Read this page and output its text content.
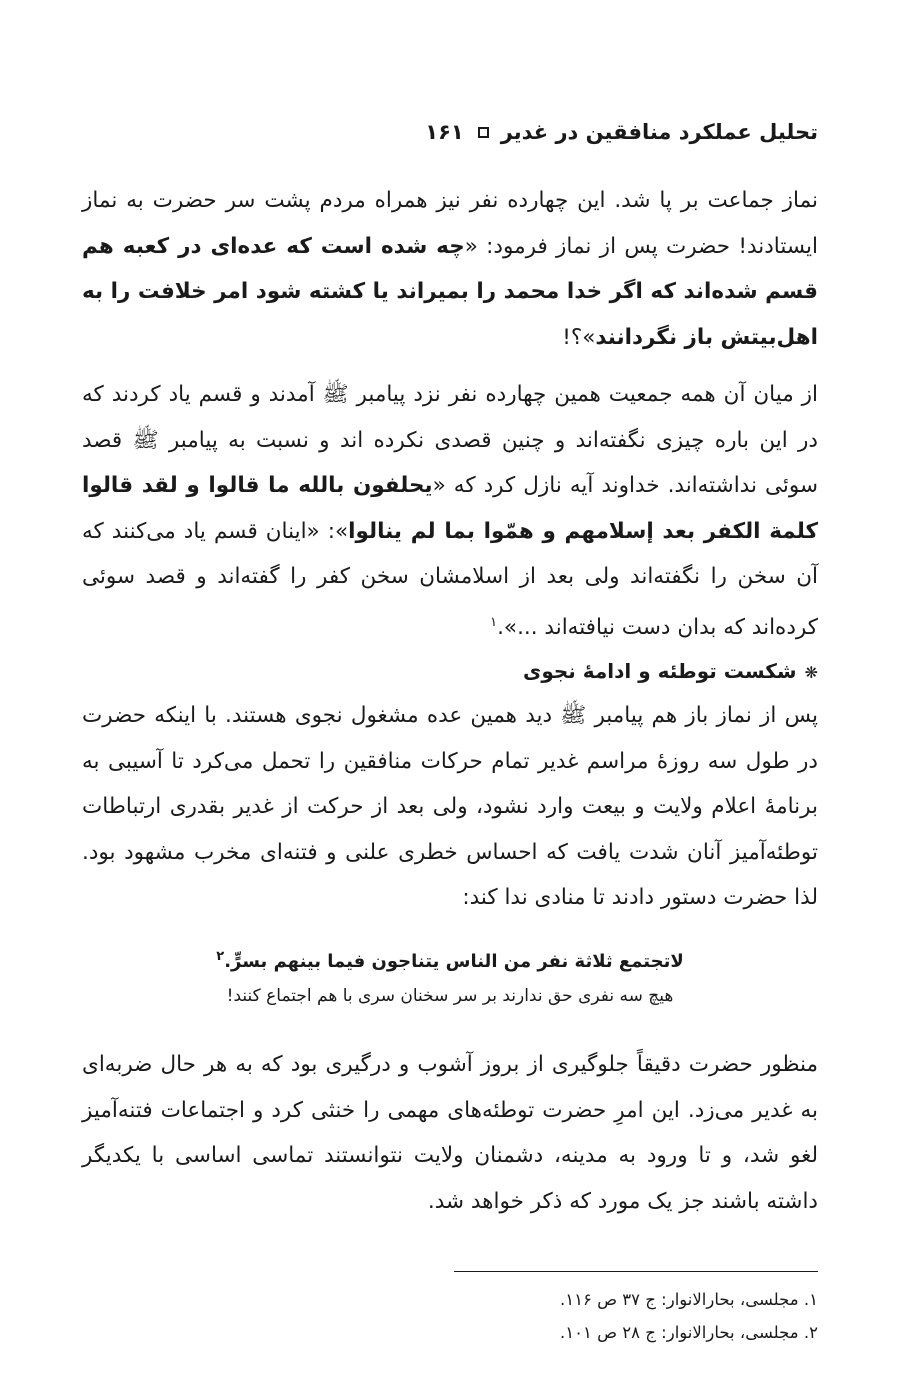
تحلیل عملکرد منافقین در غدیر
۱۶۱
نماز جماعت بر پا شد. این چهارده نفر نیز همراه مردم پشت سر حضرت به نماز ایستادند! حضرت پس از نماز فرمود: «چه شده است که عده‌ای در کعبه هم قسم شده‌اند که اگر خدا محمد را بمیراند یا کشته شود امر خلافت را به اهل‌بیتش باز نگردانند»؟!
از میان آن همه جمعیت همین چهارده نفر نزد پیامبر ﷺ آمدند و قسم یاد کردند که در این باره چیزی نگفته‌اند و چنین قصدی نکرده اند و نسبت به پیامبر ﷺ قصد سوئی نداشته‌اند. خداوند آیه نازل کرد که «یحلفون بالله ما قالوا و لقد قالوا کلمة الکفر بعد إسلامهم و همّوا بما لم ینالوا»: «اینان قسم یاد می‌کنند که آن سخن را نگفته‌اند ولی بعد از اسلامشان سخن کفر را گفته‌اند و قصد سوئی کرده‌اند که بدان دست نیافته‌اند ...».$^۱$
❋شکست توطئه و ادامۀ نجوی
پس از نماز باز هم پیامبر ﷺ دید همین عده مشغول نجوی هستند. با اینکه حضرت در طول سه روزۀ مراسم غدیر تمام حرکات منافقین را تحمل می‌کرد تا آسیبی به برنامۀ اعلام ولایت و بیعت وارد نشود، ولی بعد از حرکت از غدیر بقدری ارتباطات توطئه‌آمیز آنان شدت یافت که احساس خطری علنی و فتنه‌ای مخرب مشهود بود. لذا حضرت دستور دادند تا منادی ندا کند:
لاتجتمع ثلاثة نفر من الناس یتناجون فیما بینهم بسرٍّ.$^۲$
هیچ سه نفری حق ندارند بر سر سخنان سری با هم اجتماع کنند!
منظور حضرت دقیقاً جلوگیری از بروز آشوب و درگیری بود که به هر حال ضربه‌ای به غدیر می‌زد. این امرِ حضرت توطئه‌های مهمی را خنثی کرد و اجتماعات فتنه‌آمیز لغو شد، و تا ورود به مدینه، دشمنان ولایت نتوانستند تماسی اساسی با یکدیگر داشته باشند جز یک مورد که ذکر خواهد شد.
۱. مجلسی، بحارالانوار: ج ۳۷ ص ۱۱۶.
۲. مجلسی، بحارالانوار: ج ۲۸ ص ۱۰۱.
